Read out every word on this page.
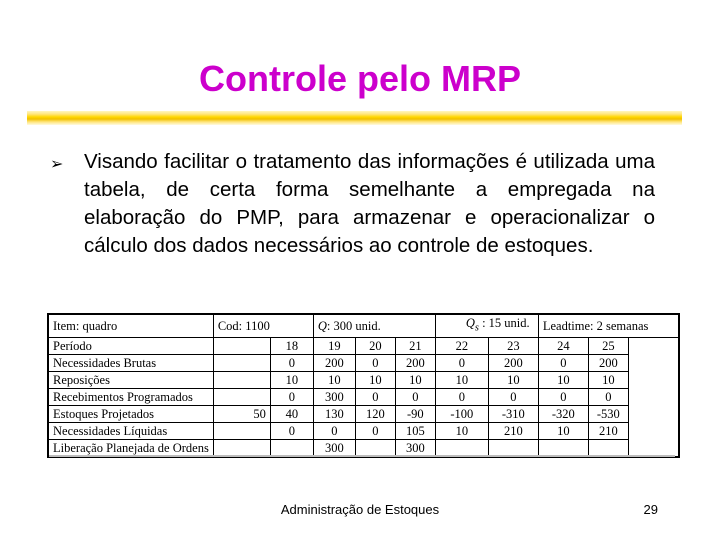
Controle pelo MRP
➢ Visando facilitar o tratamento das informações é utilizada uma tabela, de certa forma semelhante a empregada na elaboração do PMP, para armazenar e operacionalizar o cálculo dos dados necessários ao controle de estoques.
Item: quadro	Cod: 1100		Q: 300 unid.			$Q_s$ : 15 unid.		Leadtime: 2 semanas	
Período		18	19	20	21	22	23	24	25
Necessidades Brutas		0	200	0	200	0	200	0	200
Reposições		10	10	10	10	10	10	10	10
Recebimentos Programados		0	300	0	0	0	0	0	0
Estoques Projetados	50	40	130	120	-90	-100	-310	-320	-530
Necessidades Líquidas		0	0	0	105	10	210	10	210
Liberação Planejada de Ordens			300		300				
Administração de Estoques	29
